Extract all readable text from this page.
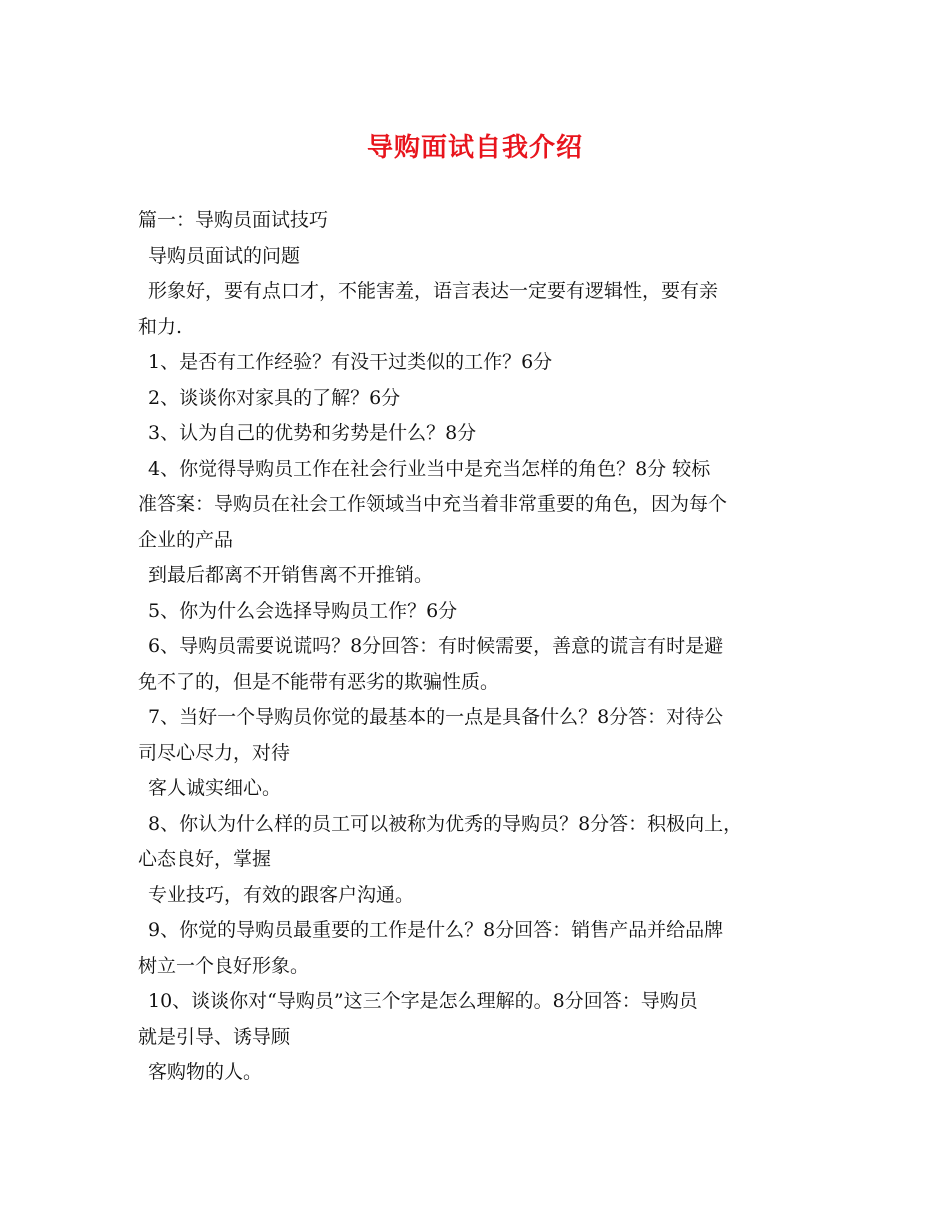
导购面试自我介绍
篇一：导购员面试技巧
导购员面试的问题
形象好，要有点口才，不能害羞，语言表达一定要有逻辑性，要有亲
和力.
1、是否有工作经验？有没干过类似的工作？6分
2、谈谈你对家具的了解？6分
3、认为自己的优势和劣势是什么？8分
4、你觉得导购员工作在社会行业当中是充当怎样的角色？8分 较标
准答案：导购员在社会工作领域当中充当着非常重要的角色，因为每个
企业的产品
到最后都离不开销售离不开推销。
5、你为什么会选择导购员工作？6分
6、导购员需要说谎吗？8分回答：有时候需要，善意的谎言有时是避
免不了的，但是不能带有恶劣的欺骗性质。
7、当好一个导购员你觉的最基本的一点是具备什么？8分答：对待公
司尽心尽力，对待
客人诚实细心。
8、你认为什么样的员工可以被称为优秀的导购员？8分答：积极向上，
心态良好，掌握
专业技巧，有效的跟客户沟通。
9、你觉的导购员最重要的工作是什么？8分回答：销售产品并给品牌
树立一个良好形象。
10、谈谈你对“导购员”这三个字是怎么理解的。8分回答：导购员
就是引导、诱导顾
客购物的人。
